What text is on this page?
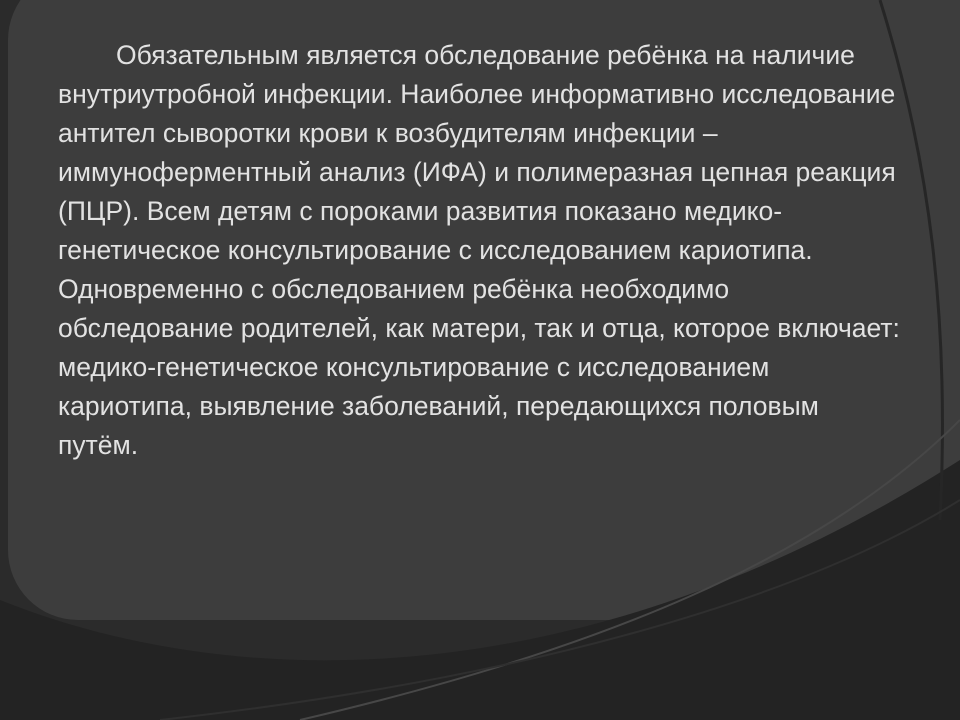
Обязательным является обследование ребёнка на наличие внутриутробной инфекции. Наиболее информативно исследование антител сыворотки крови к возбудителям инфекции – иммуноферментный анализ (ИФА) и полимеразная цепная реакция (ПЦР). Всем детям с пороками развития показано медико-генетическое консультирование с исследованием кариотипа. Одновременно с обследованием ребёнка необходимо обследование родителей, как матери, так и отца, которое включает: медико-генетическое консультирование с исследованием кариотипа, выявление заболеваний, передающихся половым путём.
